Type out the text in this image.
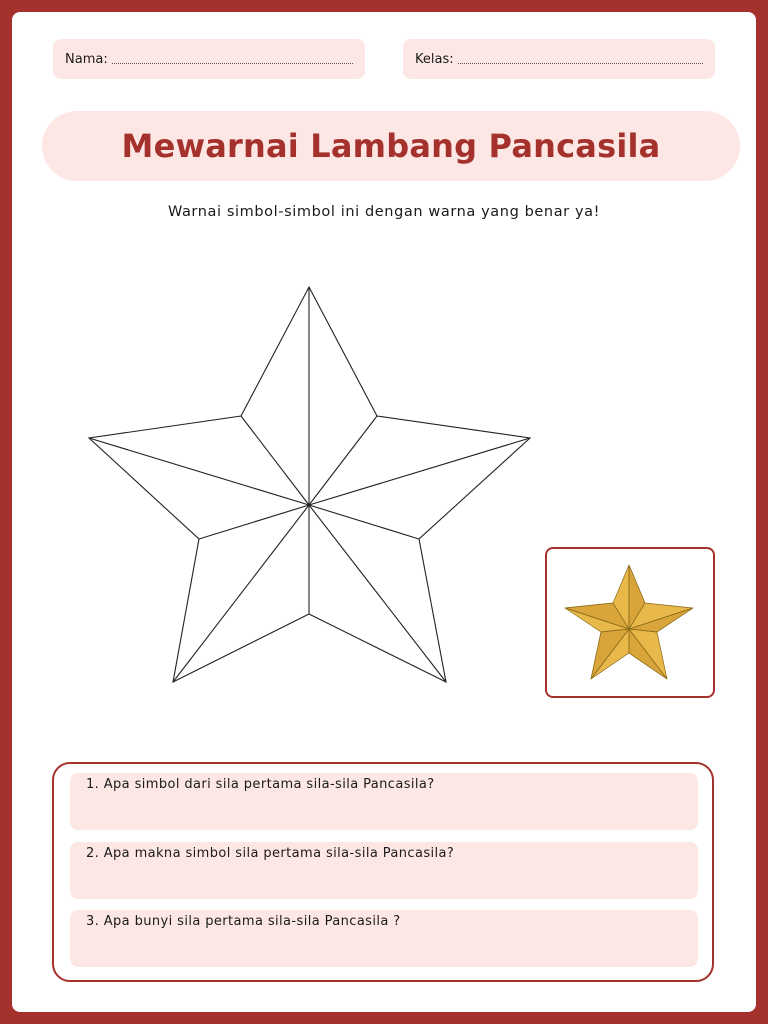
Nama:	Kelas:
Mewarnai Lambang Pancasila
Warnai simbol-simbol ini dengan warna yang benar ya!
1. Apa simbol dari sila pertama sila-sila Pancasila?
2. Apa makna simbol sila pertama sila-sila Pancasila?
3. Apa bunyi sila pertama sila-sila Pancasila ?
